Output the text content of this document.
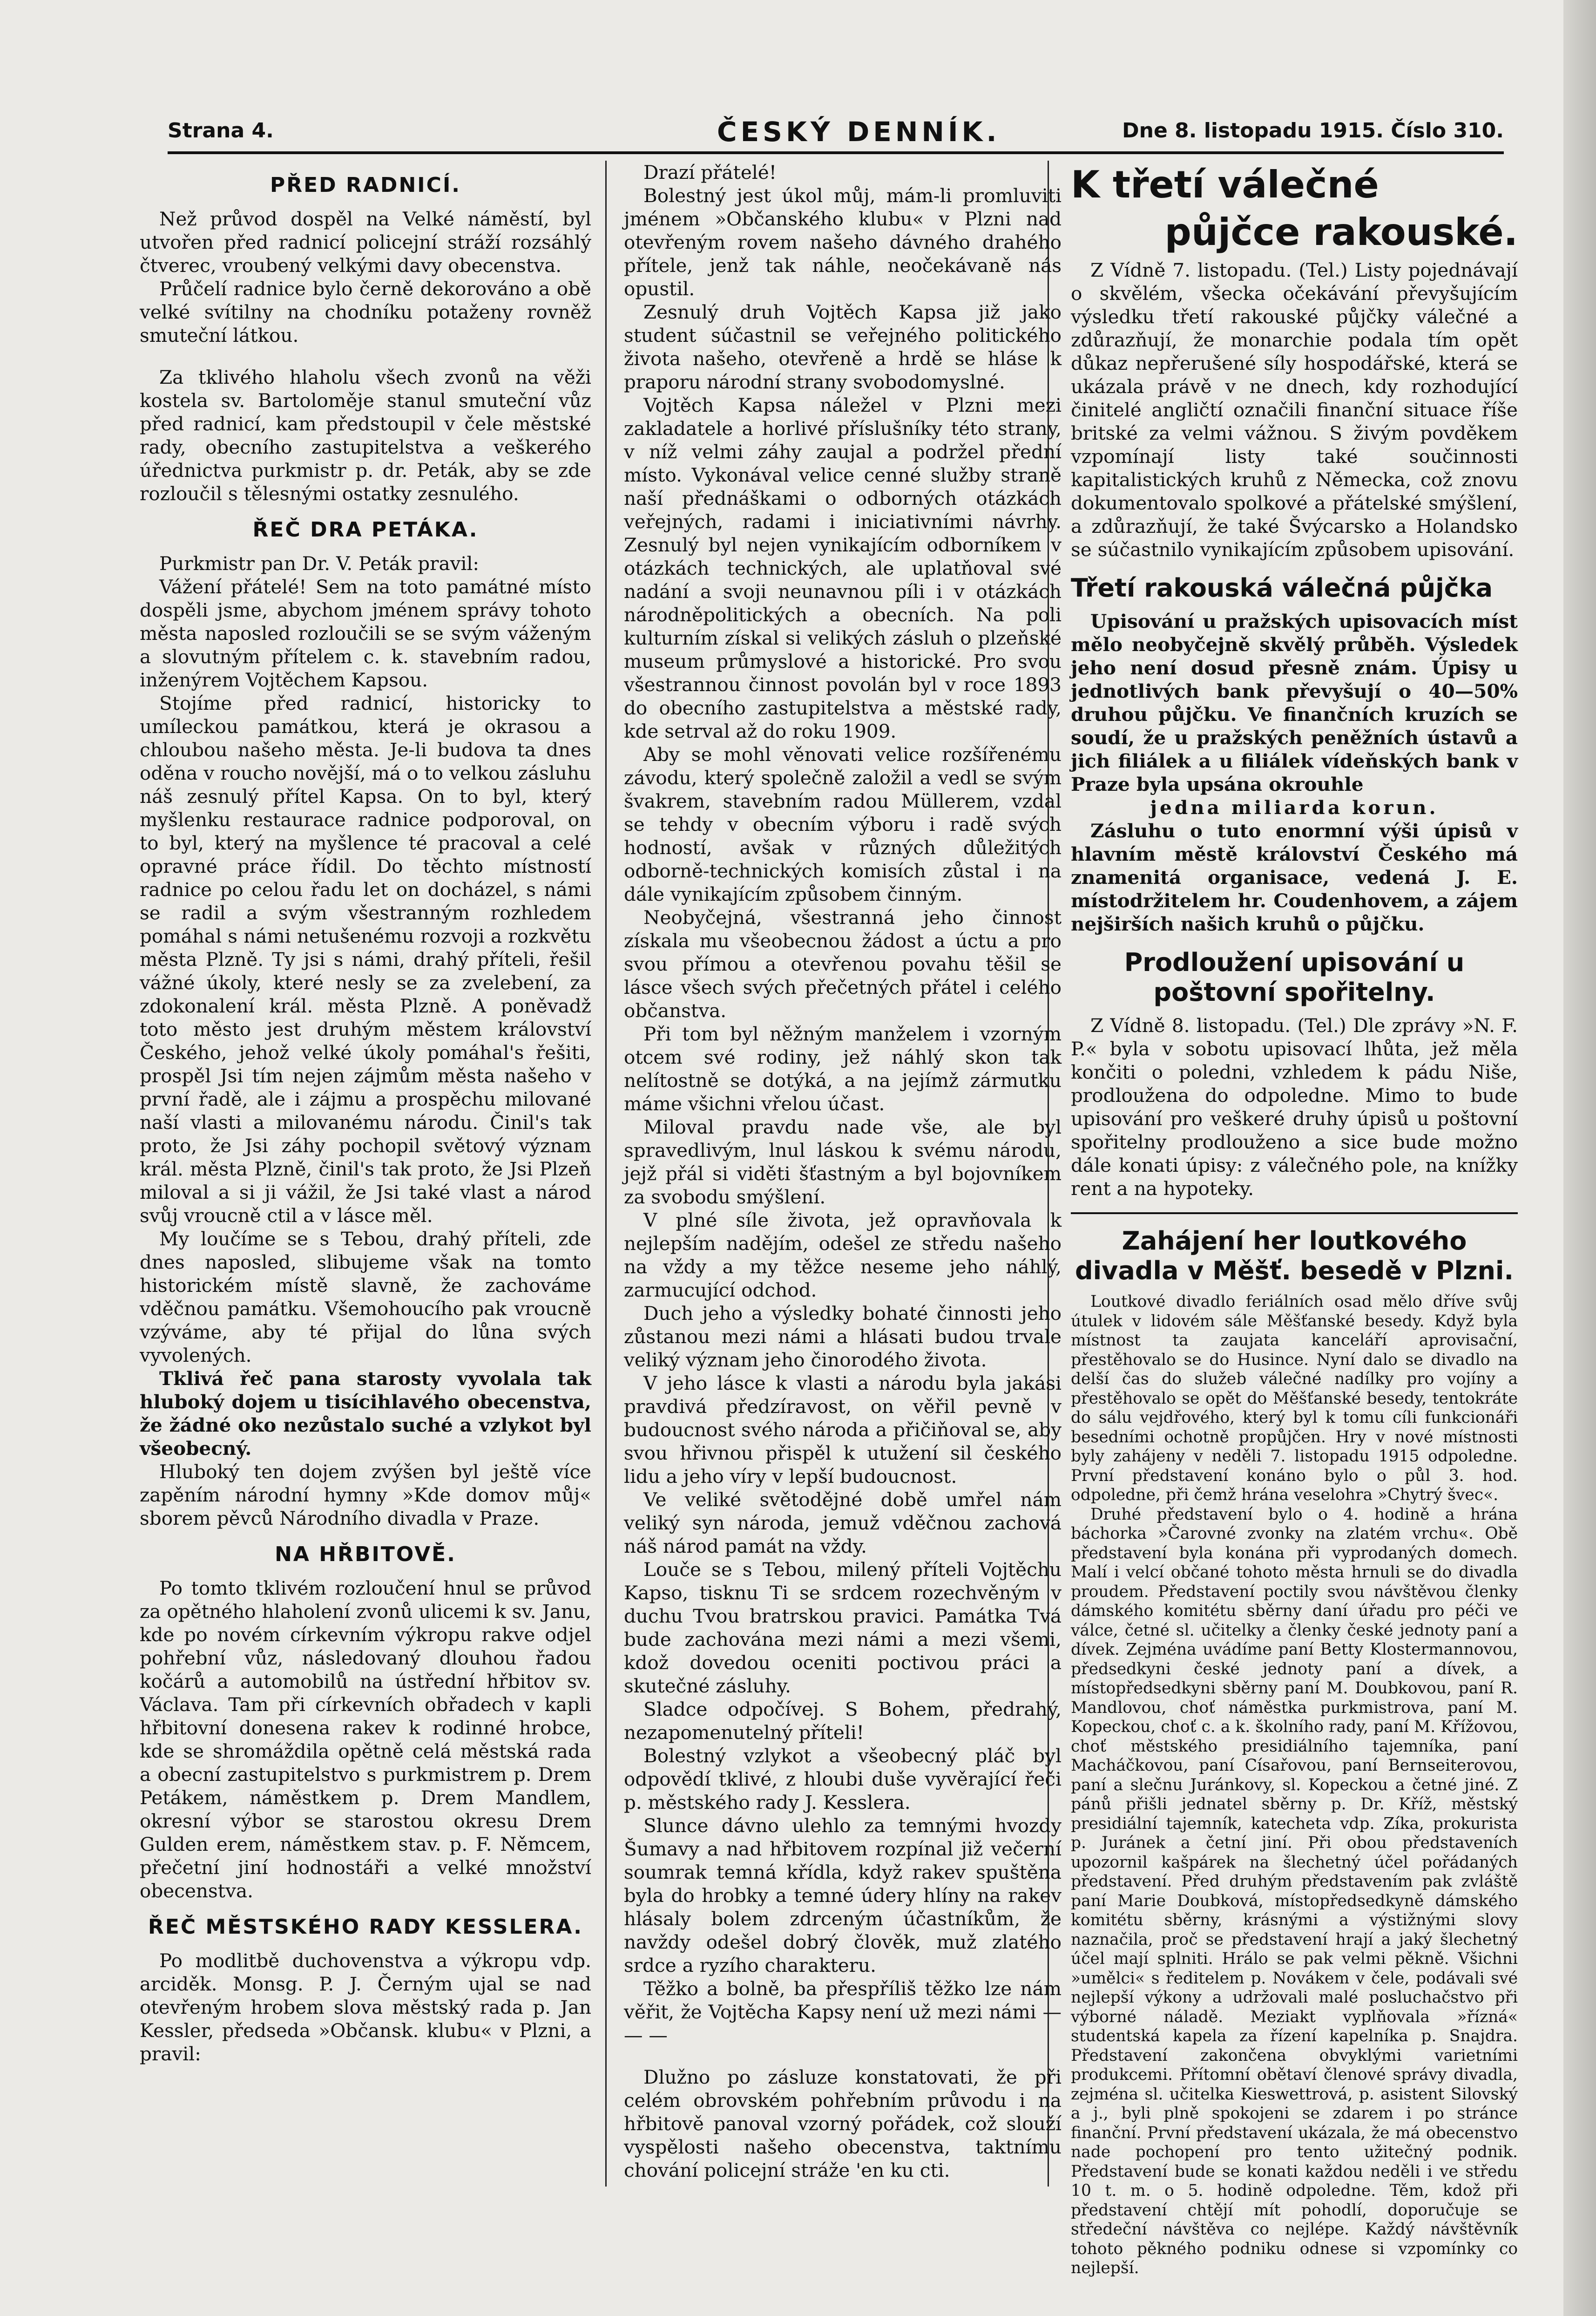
Strana 4.	ČESKÝ DENNÍK.	Dne 8. listopadu 1915. Číslo 310.

PŘED RADNICÍ.

Než průvod dospěl na Velké náměstí, byl utvořen před radnicí policejní stráží rozsáhlý čtverec, vroubený velkými davy obecenstva.

Průčelí radnice bylo černě dekorováno a obě velké svítilny na chodníku potaženy rovněž smuteční látkou.

Za tklivého hlaholu všech zvonů na věži kostela sv. Bartoloměje stanul smuteční vůz před radnicí, kam předstoupil v čele městské rady, obecního zastupitelstva a veškerého úřednictva purkmistr p. dr. Peták, aby se zde rozloučil s tělesnými ostatky zesnulého.

ŘEČ DRA PETÁKA.

Purkmistr pan Dr. V. Peták pravil:

Vážení přátelé! Sem na toto památné místo dospěli jsme, abychom jménem správy tohoto města naposled rozloučili se se svým váženým a slovutným přítelem c. k. stavebním radou, inženýrem Vojtěchem Kapsou.

Stojíme před radnicí, historicky to umíleckou památkou, která je okrasou a chloubou našeho města. Je-li budova ta dnes oděna v roucho novější, má o to velkou zásluhu náš zesnulý přítel Kapsa. On to byl, který myšlenku restaurace radnice podporoval, on to byl, který na myšlence té pracoval a celé opravné práce řídil. Do těchto místností radnice po celou řadu let on docházel, s námi se radil a svým všestranným rozhledem pomáhal s námi netušenému rozvoji a rozkvětu města Plzně. Ty jsi s námi, drahý příteli, řešil vážné úkoly, které nesly se za zvelebení, za zdokonalení král. města Plzně. A poněvadž toto město jest druhým městem království Českého, jehož velké úkoly pomáhal's řešiti, prospěl Jsi tím nejen zájmům města našeho v první řadě, ale i zájmu a prospěchu milované naší vlasti a milovanému národu. Činil's tak proto, že Jsi záhy pochopil světový význam král. města Plzně, činil's tak proto, že Jsi Plzeň miloval a si ji vážil, že Jsi také vlast a národ svůj vroucně ctil a v lásce měl.

My loučíme se s Tebou, drahý příteli, zde dnes naposled, slibujeme však na tomto historickém místě slavně, že zachováme vděčnou památku. Všemohoucího pak vroucně vzýváme, aby té přijal do lůna svých vyvolených.

Tklivá řeč pana starosty vyvolala tak hluboký dojem u tisícihlavého obecenstva, že žádné oko nezůstalo suché a vzlykot byl všeobecný.

Hluboký ten dojem zvýšen byl ještě více zapěním národní hymny »Kde domov můj« sborem pěvců Národního divadla v Praze.

NA HŘBITOVĚ.

Po tomto tklivém rozloučení hnul se průvod za opětného hlaholení zvonů ulicemi k sv. Janu, kde po novém církevním výkropu rakve odjel pohřební vůz, následovaný dlouhou řadou kočárů a automobilů na ústřední hřbitov sv. Václava. Tam při církevních obřadech v kapli hřbitovní donesena rakev k rodinné hrobce, kde se shromáždila opětně celá městská rada a obecní zastupitelstvo s purkmistrem p. Drem Petákem, náměstkem p. Drem Mandlem, okresní výbor se starostou okresu Drem Gulden erem, náměstkem stav. p. F. Němcem, přečetní jiní hodnostáři a velké množství obecenstva.

ŘEČ MĚSTSKÉHO RADY KESSLERA.

Po modlitbě duchovenstva a výkropu vdp. arciděk. Monsg. P. J. Černým ujal se nad otevřeným hrobem slova městský rada p. Jan Kessler, předseda »Občansk. klubu« v Plzni, a pravil:

Drazí přátelé!

Bolestný jest úkol můj, mám-li promluviti jménem »Občanského klubu« v Plzni nad otevřeným rovem našeho dávného drahého přítele, jenž tak náhle, neočekávaně nás opustil.

Zesnulý druh Vojtěch Kapsa již jako student súčastnil se veřejného politického života našeho, otevřeně a hrdě se hlásе k praporu národní strany svobodomyslné.

Vojtěch Kapsa náležel v Plzni mezi zakladatele a horlivé příslušníky této strany, v níž velmi záhy zaujal a podržel přední místo. Vykonával velice cenné služby straně naší přednáškami o odborných otázkách veřejných, radami i iniciativními návrhy. Zesnulý byl nejen vynikajícím odborníkem v otázkách technických, ale uplatňoval své nadání a svoji neunavnou píli i v otázkách národněpolitických a obecních. Na poli kulturním získal si velikých zásluh o plzeňské museum průmyslové a historické. Pro svou všestrannou činnost povolán byl v roce 1893 do obecního zastupitelstva a městské rady, kde setrval až do roku 1909.

Aby se mohl věnovati velice rozšířenému závodu, který společně založil a vedl se svým švakrem, stavebním radou Müllerem, vzdal se tehdy v obecním výboru i radě svých hodností, avšak v různých důležitých odborně-technických komisích zůstal i na dále vynikajícím způsobem činným.

Neobyčejná, všestranná jeho činnost získala mu všeobecnou žádost a úctu a pro svou přímou a otevřenou povahu těšil se lásce všech svých přečetných přátel i celého občanstva.

Při tom byl něžným manželem i vzorným otcem své rodiny, jež náhlý skon tak nelítostně se dotýká, a na jejímž zármutku máme všichni vřelou účast.

Miloval pravdu nade vše, ale byl spravedlivým, lnul láskou k svému národu, jejž přál si viděti šťastným a byl bojovníkem za svobodu smýšlení.

V plné síle života, jež opravňovala k nejlepším nadějím, odešel ze středu našeho na vždy a my těžce neseme jeho náhlý, zarmucující odchod.

Duch jeho a výsledky bohaté činnosti jeho zůstanou mezi námi a hlásati budou trvale veliký význam jeho činorodého života.

V jeho lásce k vlasti a národu byla jakási pravdivá předzíravost, on věřil pevně v budoucnost svého národa a přičiňoval se, aby svou hřivnou přispěl k utužení sil českého lidu a jeho víry v lepší budoucnost.

Ve veliké světodějné době umřel nám veliký syn národa, jemuž vděčnou zachová náš národ památ na vždy.

Louče se s Tebou, milený příteli Vojtěchu Kapso, tisknu Ti se srdcem rozechvěným v duchu Tvou bratrskou pravici. Památka Tvá bude zachována mezi námi a mezi všemi, kdož dovedou oceniti poctivou práci a skutečné zásluhy.

Sladce odpočívej. S Bohem, předrahý, nezapomenutelný příteli!

Bolestný vzlykot a všeobecný pláč byl odpovědí tklivé, z hloubi duše vyvěrající řeči p. městského rady J. Kesslera.

Slunce dávno ulehlo za temnými hvozdy Šumavy a nad hřbitovem rozpínal již večerní soumrak temná křídla, když rakev spuštěna byla do hrobky a temné údery hlíny na rakev hlásaly bolem zdrceným účastníkům, že navždy odešel dobrý člověk, muž zlatého srdce a ryzího charakteru.

Těžko a bolně, ba přespříliš těžko lze nám věřit, že Vojtěcha Kapsy není už mezi námi — — —

Dlužno po zásluze konstatovati, že při celém obrovském pohřebním průvodu i na hřbitově panoval vzorný pořádek, což slouží vyspělosti našeho obecenstva, taktnímu chování policejní stráže 'en ku cti.

K třetí válečné

půjčce rakouské.

Z Vídně 7. listopadu. (Tel.) Listy pojednávají o skvělém, všecka očekávání převyšujícím výsledku třetí rakouské půjčky válečné a zdůrazňují, že monarchie podala tím opět důkaz nepřerušené síly hospodářské, která se ukázala právě v ne dnech, kdy rozhodující činitelé angličtí označili finanční situace říše britské za velmi vážnou. S živým povděkem vzpomínají listy také součinnosti kapitalistických kruhů z Německa, což znovu dokumentovalo spolkové a přátelské smýšlení, a zdůrazňují, že také Švýcarsko a Holandsko se súčastnilo vynikajícím způsobem upisování.

Třetí rakouská válečná půjčka

Upisování u pražských upisovacích míst mělo neobyčejně skvělý průběh. Výsledek jeho není dosud přesně znám. Úpisy u jednotlivých bank převyšují o 40—50% druhou půjčku. Ve finančních kruzích se soudí, že u pražských peněžních ústavů a jich filiálek a u filiálek vídeňských bank v Praze byla upsána okrouhle

jedna miliarda korun.

Zásluhu o tuto enormní výši úpisů v hlavním městě království Českého má znamenitá organisace, vedená J. E. místodržitelem hr. Coudenhovem, a zájem nejširších našich kruhů o půjčku.

Prodloužení upisování u poštovní spořitelny.

Z Vídně 8. listopadu. (Tel.) Dle zprávy »N. F. P.« byla v sobotu upisovací lhůta, jež měla končiti o poledni, vzhledem k pádu Niše, prodloužena do odpoledne. Mimo to bude upisování pro veškeré druhy úpisů u poštovní spořitelny prodlouženo a sice bude možno dále konati úpisy: z válečného pole, na knížky rent a na hypoteky.

Zahájení her loutkového divadla v Měšť. besedě v Plzni.

Loutkové divadlo feriálních osad mělo dříve svůj útulek v lidovém sále Měšťanské besedy. Když byla místnost ta zaujata kanceláří aprovisační, přestěhovalo se do Husince. Nyní dalo se divadlo na delší čas do služeb válečné nadílky pro vojíny a přestěhovalo se opět do Měšťanské besedy, tentokráte do sálu vejdřového, který byl k tomu cíli funkcionáři besedními ochotně propůjčen. Hry v nové místnosti byly zahájeny v neděli 7. listopadu 1915 odpoledne. První představení konáno bylo o půl 3. hod. odpoledne, při čemž hrána veselohra »Chytrý švec«.

Druhé představení bylo o 4. hodině a hrána báchorka »Čarovné zvonky na zlatém vrchu«. Obě představení byla konána při vyprodaných domech. Malí i velcí občané tohoto města hrnuli se do divadla proudem. Představení poctily svou návštěvou členky dámského komitétu sběrny daní úřadu pro péči ve válce, četné sl. učitelky a členky české jednoty paní a dívek. Zejména uvádíme paní Betty Klostermannovou, předsedkyni české jednoty paní a dívek, a místopředsedkyni sběrny paní M. Doubkovou, paní R. Mandlovou, choť náměstka purkmistrova, paní M. Kopeckou, choť c. a k. školního rady, paní M. Křížovou, choť městského presidiálního tajemníka, paní Macháčkovou, paní Císařovou, paní Bernseiterovou, paní a slečnu Juránkovy, sl. Kopeckou a četné jiné. Z pánů přišli jednatel sběrny p. Dr. Kříž, městský presidiální tajemník, katecheta vdp. Zíka, prokurista p. Juránek a četní jiní. Při obou představeních upozornil kašpárek na šlechetný účel pořádaných představení. Před druhým představením pak zvláště paní Marie Doubková, místopředsedkyně dámského komitétu sběrny, krásnými a výstižnými slovy naznačila, proč se představení hrají a jaký šlechetný účel mají splniti. Hrálo se pak velmi pěkně. Všichni »umělci« s ředitelem p. Novákem v čele, podávali své nejlepší výkony a udržovali malé posluchačstvo při výborné náladě. Meziakt vyplňovala »řízná« studentská kapela za řízení kapelníka p. Snajdra. Představení zakončena obvyklými varietními produkcemi. Přítomní obětaví členové správy divadla, zejména sl. učitelka Kieswettrová, p. asistent Silovský a j., byli plně spokojeni se zdarem i po stránce finanční. První představení ukázala, že má obecenstvo nade pochopení pro tento užitečný podnik. Představení bude se konati každou neděli i ve středu 10 t. m. o 5. hodině odpoledne. Těm, kdož při představení chtějí mít pohodlí, doporučuje se středeční návštěva co nejlépe. Každý návštěvník tohoto pěkného podniku odnese si vzpomínky co nejlepší.
